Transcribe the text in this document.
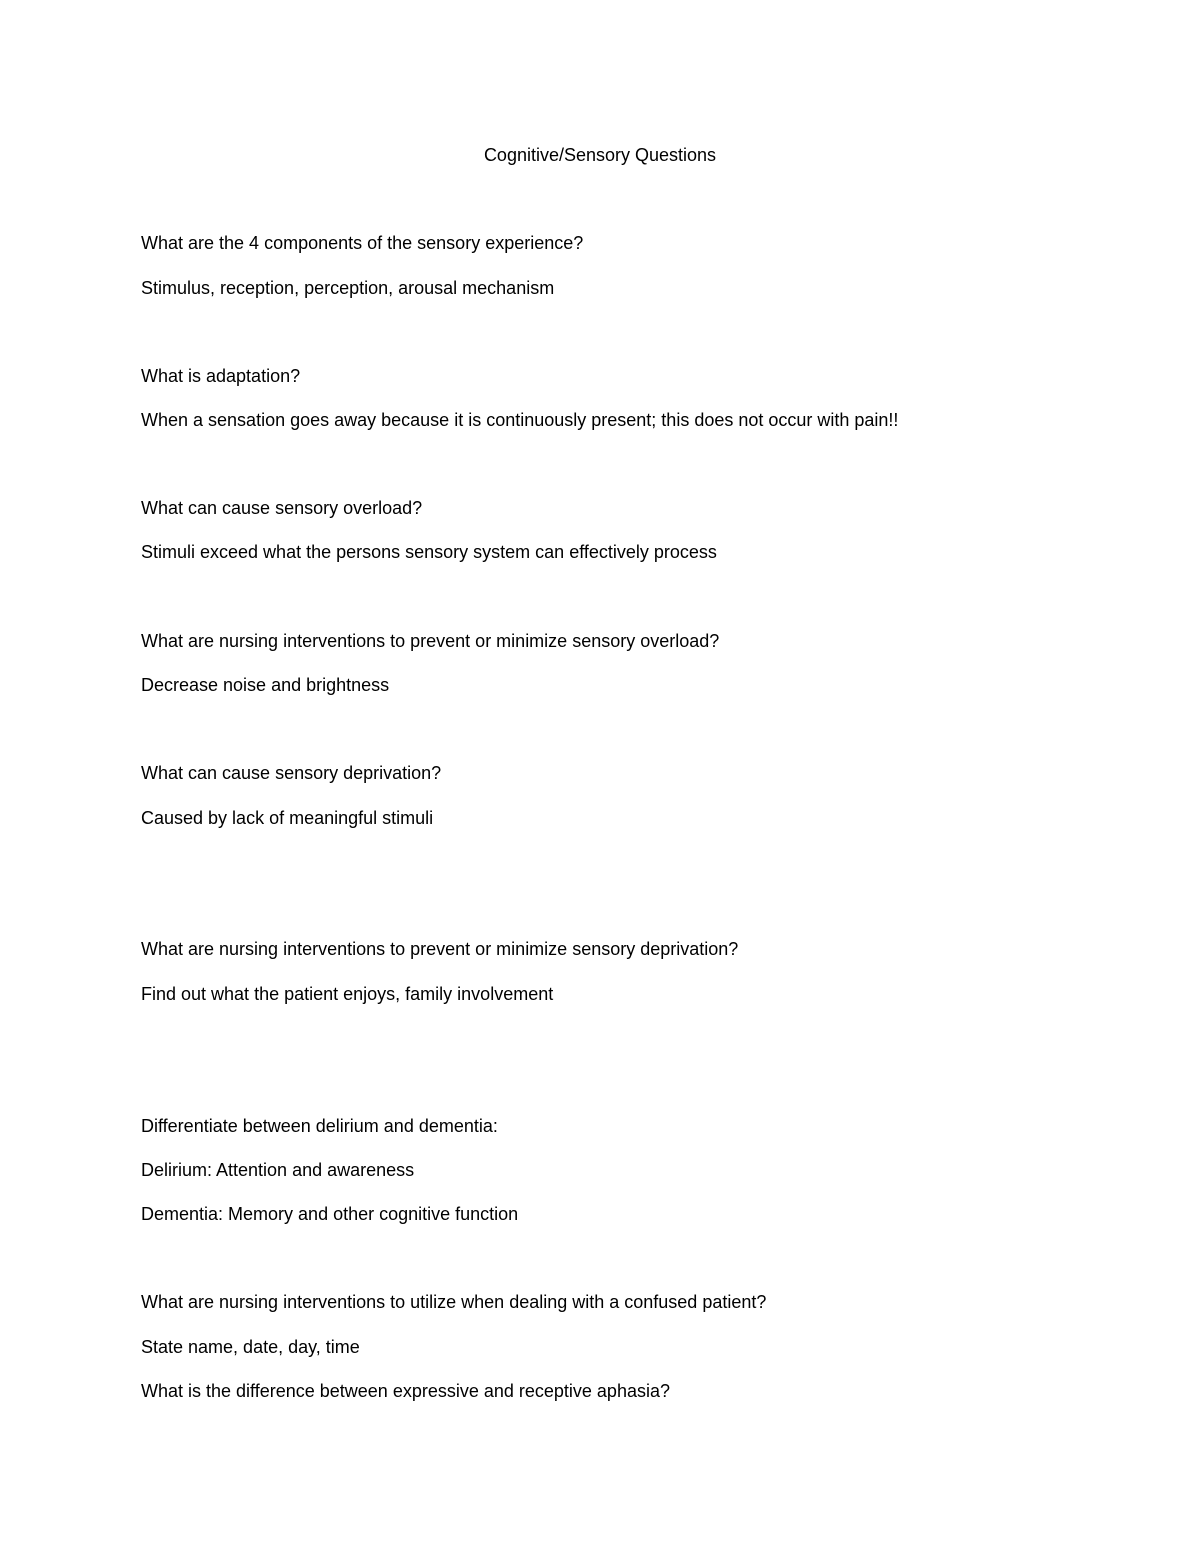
Cognitive/Sensory Questions
What are the 4 components of the sensory experience?
Stimulus, reception, perception, arousal mechanism
What is adaptation?
When a sensation goes away because it is continuously present; this does not occur with pain!!
What can cause sensory overload?
Stimuli exceed what the persons sensory system can effectively process
What are nursing interventions to prevent or minimize sensory overload?
Decrease noise and brightness
What can cause sensory deprivation?
Caused by lack of meaningful stimuli
What are nursing interventions to prevent or minimize sensory deprivation?
Find out what the patient enjoys, family involvement
Differentiate between delirium and dementia:
Delirium: Attention and awareness
Dementia: Memory and other cognitive function
What are nursing interventions to utilize when dealing with a confused patient?
State name, date, day, time
What is the difference between expressive and receptive aphasia?
